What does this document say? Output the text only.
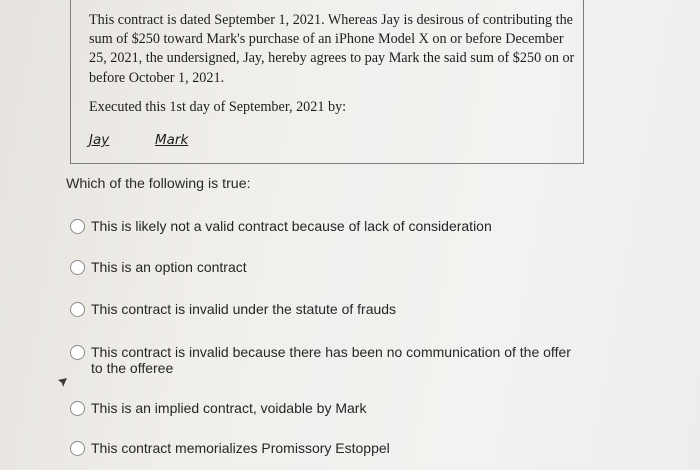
This contract is dated September 1, 2021. Whereas Jay is desirous of contributing the sum of $250 toward Mark's purchase of an iPhone Model X on or before December 25, 2021, the undersigned, Jay, hereby agrees to pay Mark the said sum of $250 on or before October 1, 2021.

Executed this 1st day of September, 2021 by:
Jay	Mark
Which of the following is true:
This is likely not a valid contract because of lack of consideration
This is an option contract
This contract is invalid under the statute of frauds
This contract is invalid because there has been no communication of the offer to the offeree
This is an implied contract, voidable by Mark
This contract memorializes Promissory Estoppel
